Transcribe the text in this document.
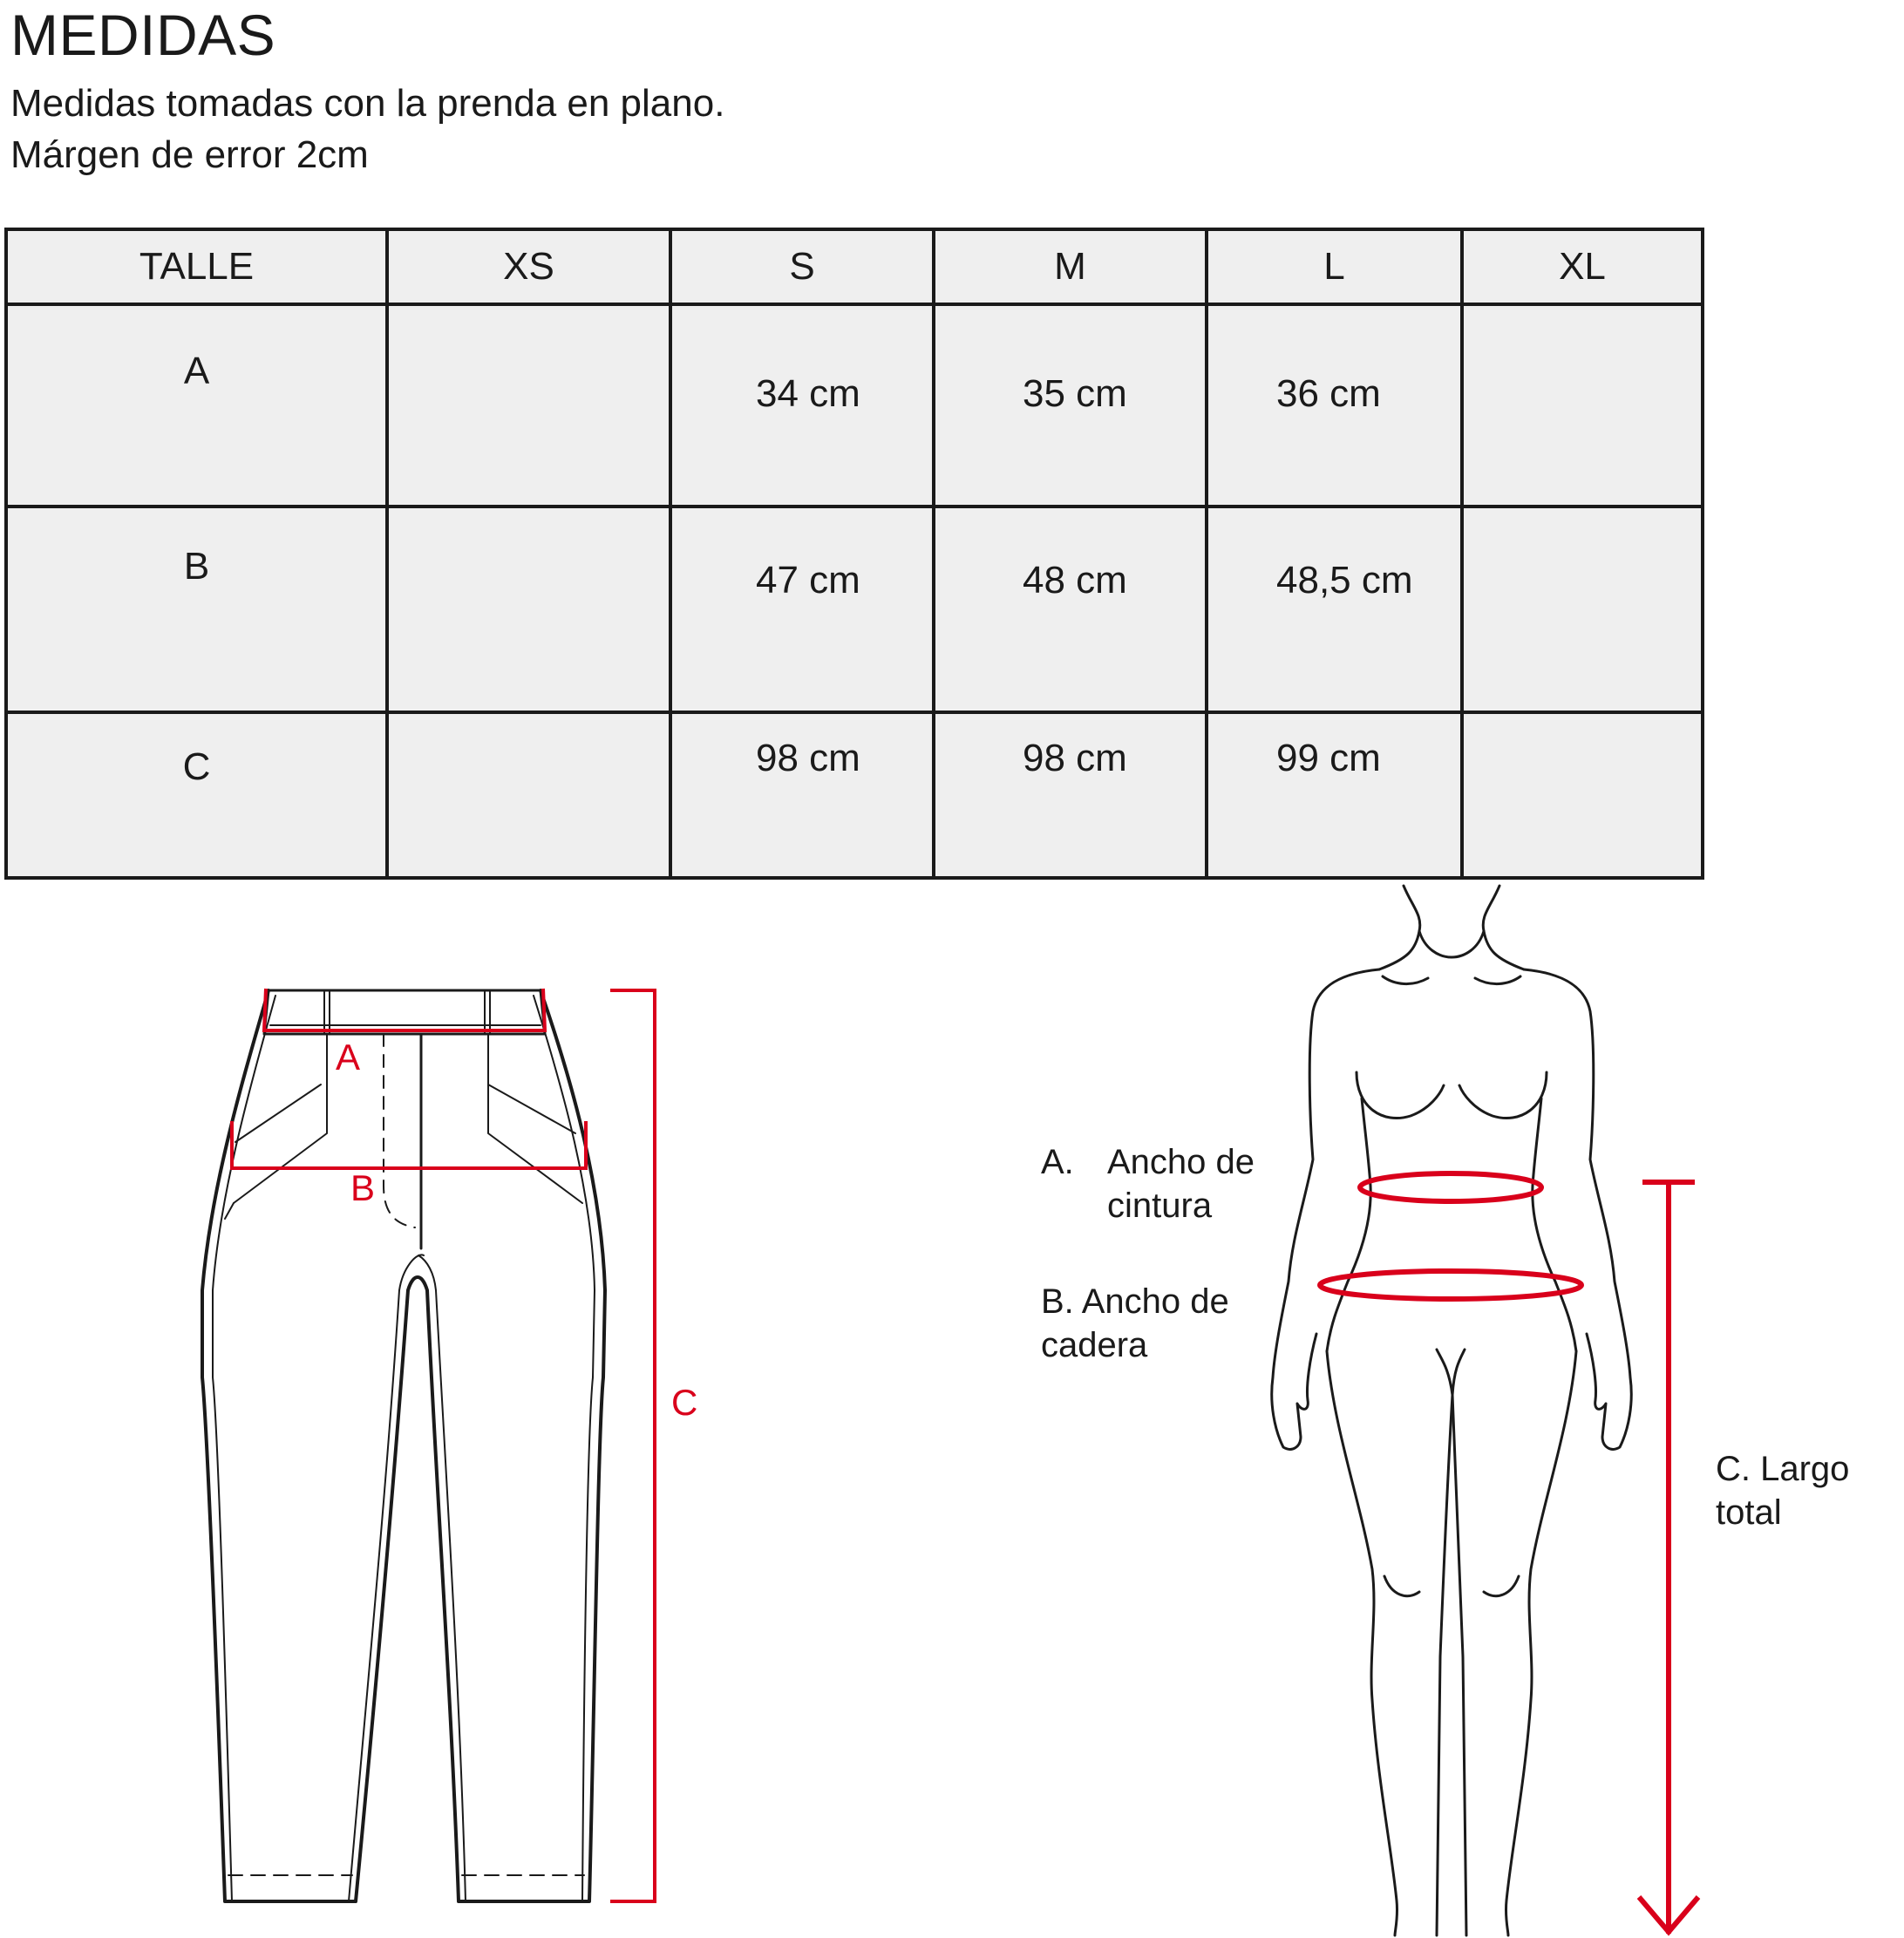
MEDIDAS
Medidas tomadas con la prenda en plano.
Márgen de error 2cm
TALLE	XS	S	M	L	XL
A		34 cm	35 cm	36 cm	

B		47 cm	48 cm	48,5 cm	

C		98 cm	98 cm	99 cm	

A
B
C
A. Ancho de
cintura
B. Ancho de
cadera
C. Largo
total
